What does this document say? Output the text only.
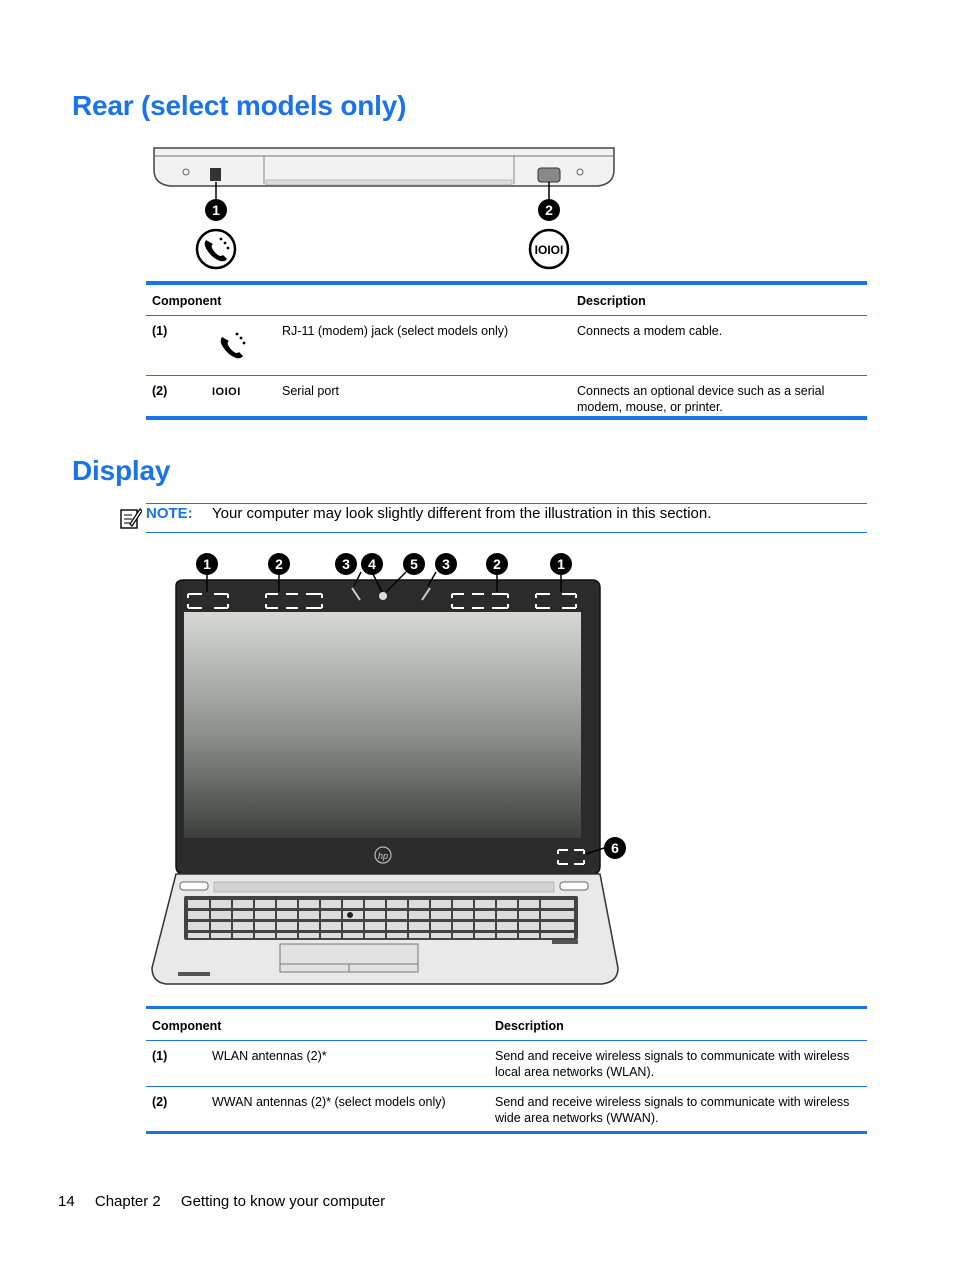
Rear (select models only)
IOIOI
1	2
Component			Description
(1)		RJ-11 (modem) jack (select models only)	Connects a modem cable.
(2)	IOIOI	Serial port	Connects an optional device such as a serial modem, mouse, or printer.
Display
NOTE: Your computer may look slightly different from the illustration in this section.
hp
1	2	3 4 5 3	2	1
6
Component		Description
(1)	WLAN antennas (2)*	Send and receive wireless signals to communicate with wireless local area networks (WLAN).
(2)	WWAN antennas (2)* (select models only)	Send and receive wireless signals to communicate with wireless wide area networks (WWAN).
14 Chapter 2 Getting to know your computer
